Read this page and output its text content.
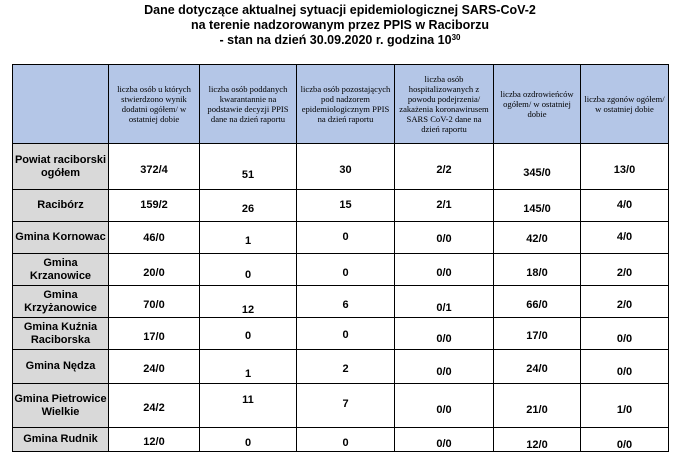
Dane dotyczące aktualnej sytuacji epidemiologicznej SARS-CoV-2
na terenie nadzorowanym przez PPIS w Raciborzu
- stan na dzień 30.09.2020 r. godzina $10^{30}$
	liczba osób u których stwierdzono wynik dodatni ogółem/ w ostatniej dobie	liczba osób poddanych kwarantannie na podstawie decyzji PPIS dane na dzień raportu	liczba osób pozostających pod nadzorem epidemiologicznym PPIS na dzień raportu	liczba osób hospitalizowanych z powodu podejrzenia/ zakażenia koronawirusem SARS CoV-2 dane na dzień raportu	liczba ozdrowieńców ogółem/ w ostatniej dobie	liczba zgonów ogółem/ w ostatniej dobie
Powiat raciborski ogółem	372/4	51	30	2/2	345/0	13/0
Racibórz	159/2	26	15	2/1	145/0	4/0
Gmina Kornowac	46/0	1	0	0/0	42/0	4/0
Gmina Krzanowice	20/0	0	0	0/0	18/0	2/0
Gmina Krzyżanowice	70/0	12	6	0/1	66/0	2/0
Gmina Kuźnia Raciborska	17/0	0	0	0/0	17/0	0/0
Gmina Nędza	24/0	1	2	0/0	24/0	0/0
Gmina Pietrowice Wielkie	24/2	11	7	0/0	21/0	1/0
Gmina Rudnik	12/0	0	0	0/0	12/0	0/0
